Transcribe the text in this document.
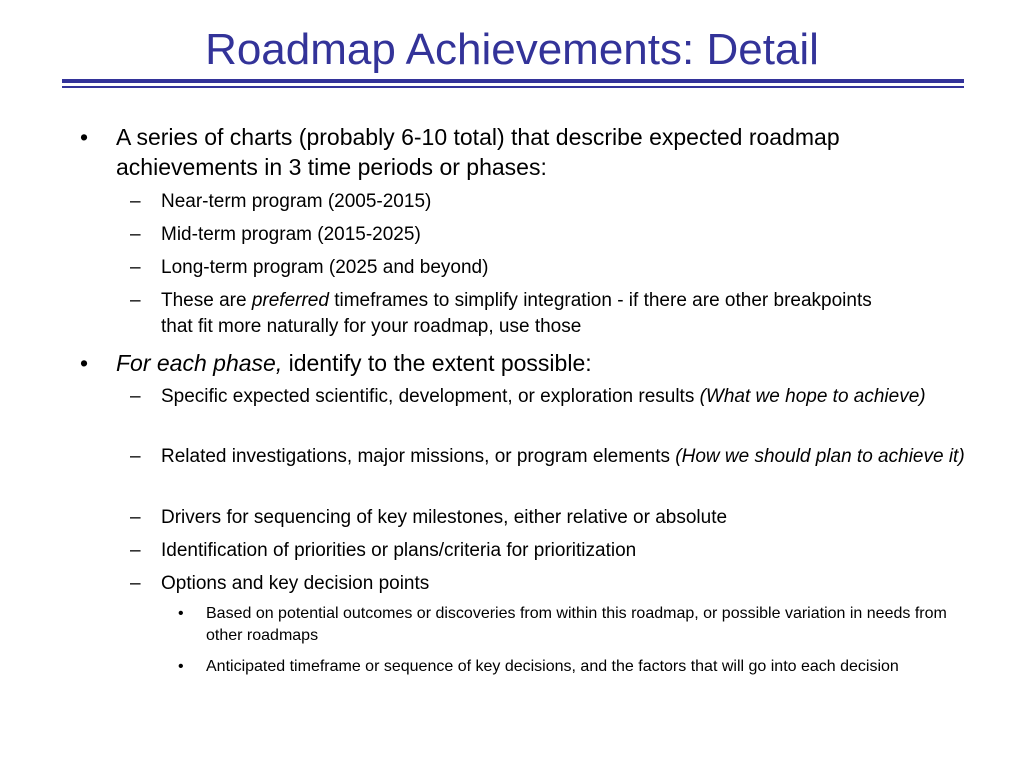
Roadmap Achievements: Detail
• A series of charts (probably 6-10 total) that describe expected roadmap achievements in 3 time periods or phases:

– Near-term program (2005-2015)

– Mid-term program (2015-2025)

– Long-term program (2025 and beyond)

– These are preferred timeframes to simplify integration - if there are other breakpoints that fit more naturally for your roadmap, use those

• For each phase, identify to the extent possible:

– Specific expected scientific, development, or exploration results (What we hope to achieve)

– Related investigations, major missions, or program elements (How we should plan to achieve it)

– Drivers for sequencing of key milestones, either relative or absolute

– Identification of priorities or plans/criteria for prioritization

– Options and key decision points

• Based on potential outcomes or discoveries from within this roadmap, or possible variation in needs from other roadmaps

• Anticipated timeframe or sequence of key decisions, and the factors that will go into each decision
